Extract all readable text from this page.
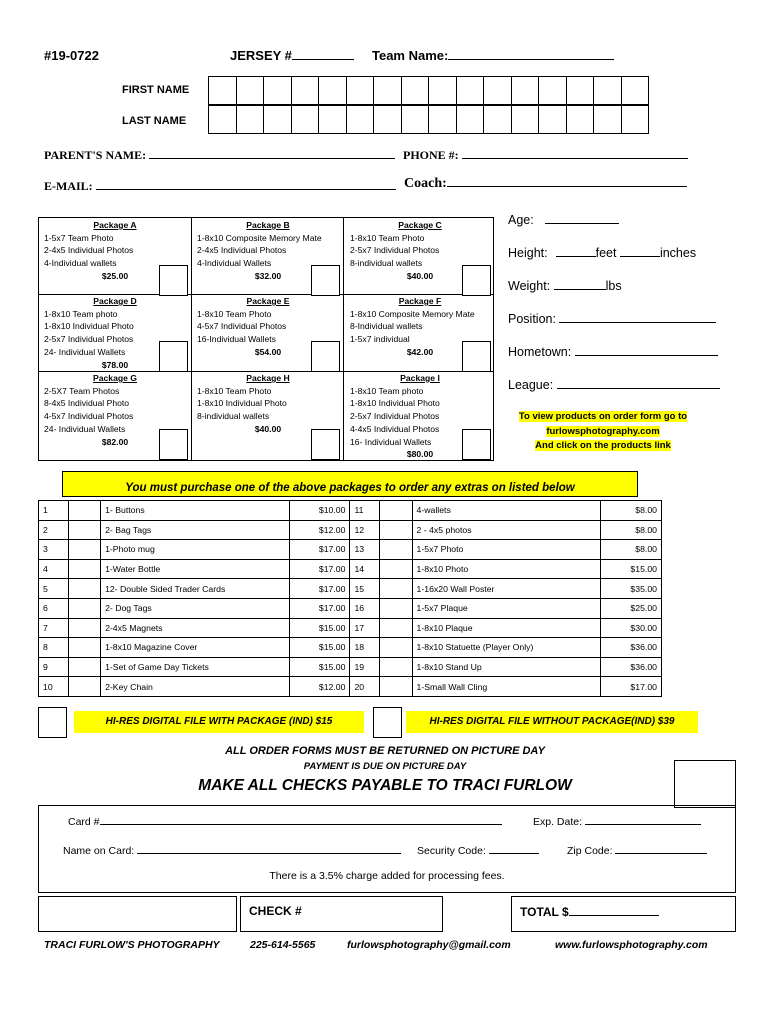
#19-0722	JERSEY #	Team Name:
FIRST NAME
LAST NAME
PARENT'S NAME:	PHONE #:
E-MAIL:	Coach:
Package A
1-5x7 Team Photo
2-4x5 Individual Photos
4-Individual wallets
$25.00
Package B
1-8x10 Composite Memory Mate
2-4x5 Individual Photos
4-Individual Wallets
$32.00
Package C
1-8x10 Team Photo
2-5x7 Individual Photos
8-individual wallets
$40.00
Package D
1-8x10 Team photo
1-8x10 Individual Photo
2-5x7 Individual Photos
24- Individual Wallets
$78.00
Package E
1-8x10 Team Photo
4-5x7 Individual Photos
16-Individual Wallets
$54.00
Package F
1-8x10 Composite Memory Mate
8-Individual wallets
1-5x7 individual
$42.00
Package G
2-5X7 Team Photos
8-4x5 Individual Photo
4-5x7 Individual Photos
24- Individual Wallets
$82.00
Package H
1-8x10 Team Photo
1-8x10 Individual Photo
8-individual wallets
$40.00
Package I
1-8x10 Team photo
1-8x10 Individual Photo
2-5x7 Individual Photos
4-4x5 Individual Photos
16- Individual Wallets
$80.00
Age:
Height:	feet	inches
Weight:	lbs
Position:
Hometown:
League:
To view products on order form go to
furlowsphotography.com
And click on the products link
You must purchase one of the above packages to order any extras on listed below
1		1- Buttons	$10.00	11		4-wallets	$8.00
2		2- Bag Tags	$12.00	12		2 - 4x5 photos	$8.00
3		1-Photo mug	$17.00	13		1-5x7 Photo	$8.00
4		1-Water Bottle	$17.00	14		1-8x10 Photo	$15.00
5		12- Double Sided Trader Cards	$17.00	15		1-16x20 Wall Poster	$35.00
6		2- Dog Tags	$17.00	16		1-5x7 Plaque	$25.00
7		2-4x5 Magnets	$15.00	17		1-8x10 Plaque	$30.00
8		1-8x10 Magazine Cover	$15.00	18		1-8x10 Statuette (Player Only)	$36.00
9		1-Set of Game Day Tickets	$15.00	19		1-8x10 Stand Up	$36.00
10		2-Key Chain	$12.00	20		1-Small Wall Cling	$17.00
HI-RES DIGITAL FILE WITH PACKAGE (IND) $15	HI-RES DIGITAL FILE WITHOUT PACKAGE(IND) $39
ALL ORDER FORMS MUST BE RETURNED ON PICTURE DAY
PAYMENT IS DUE ON PICTURE DAY
MAKE ALL CHECKS PAYABLE TO TRACI FURLOW
Card #	Exp. Date:
Name on Card:	Security Code:	Zip Code:
There is a 3.5% charge added for processing fees.
CHECK #	TOTAL $
TRACI FURLOW'S PHOTOGRAPHY	225-614-5565	furlowsphotography@gmail.com	www.furlowsphotography.com
